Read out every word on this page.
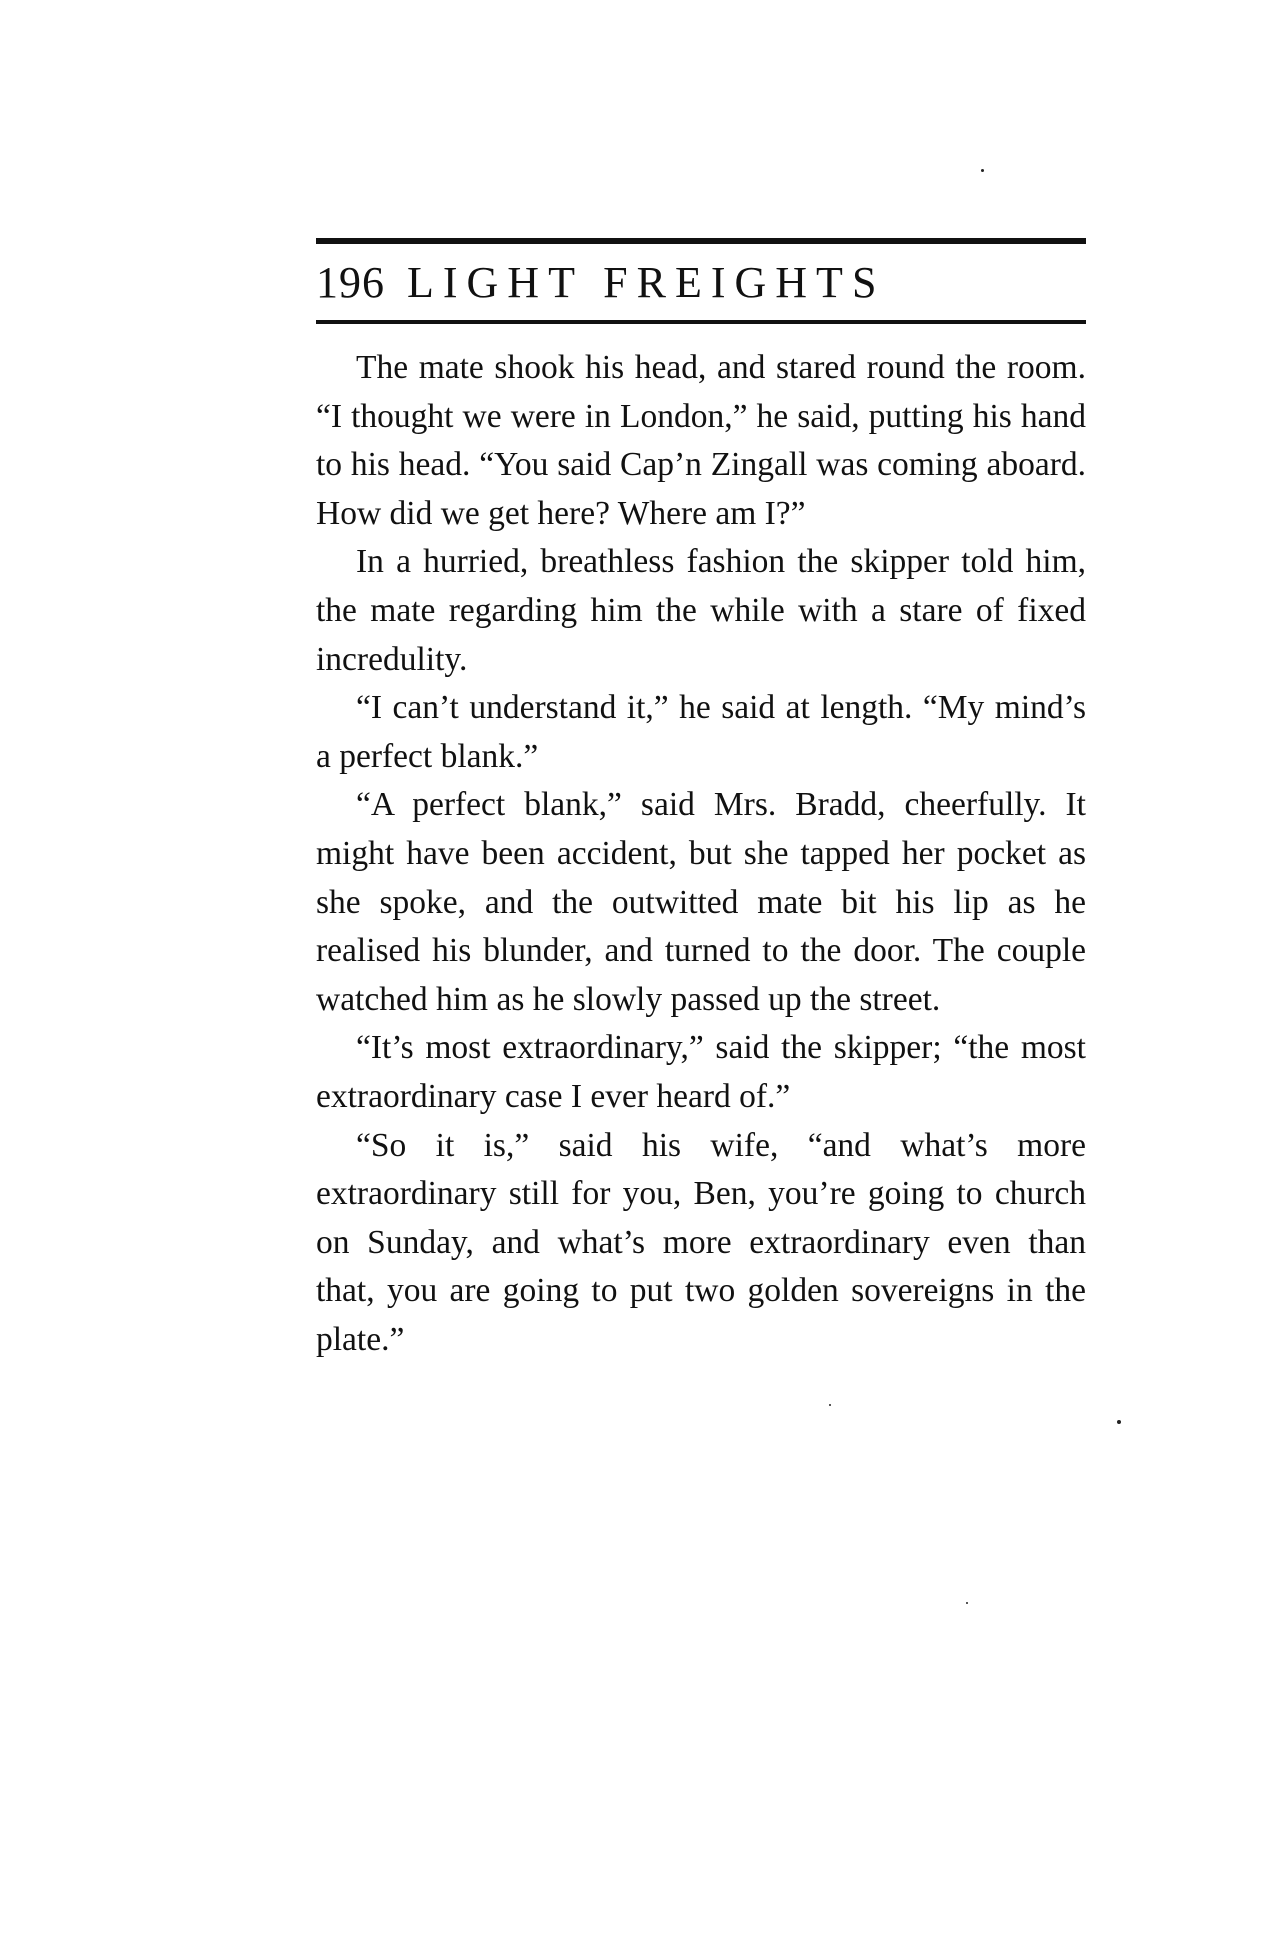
196 LIGHT FREIGHTS

The mate shook his head, and stared round the room. “I thought we were in London,” he said, putting his hand to his head. “You said Cap’n Zingall was coming aboard. How did we get here? Where am I?”

In a hurried, breathless fashion the skipper told him, the mate regarding him the while with a stare of fixed incredulity.

“I can’t understand it,” he said at length. “My mind’s a perfect blank.”

“A perfect blank,” said Mrs. Bradd, cheerfully. It might have been accident, but she tapped her pocket as she spoke, and the outwitted mate bit his lip as he realised his blunder, and turned to the door. The couple watched him as he slowly passed up the street.

“It’s most extraordinary,” said the skipper; “the most extraordinary case I ever heard of.”

“So it is,” said his wife, “and what’s more extraordinary still for you, Ben, you’re going to church on Sunday, and what’s more extraordinary even than that, you are going to put two golden sovereigns in the plate.”
